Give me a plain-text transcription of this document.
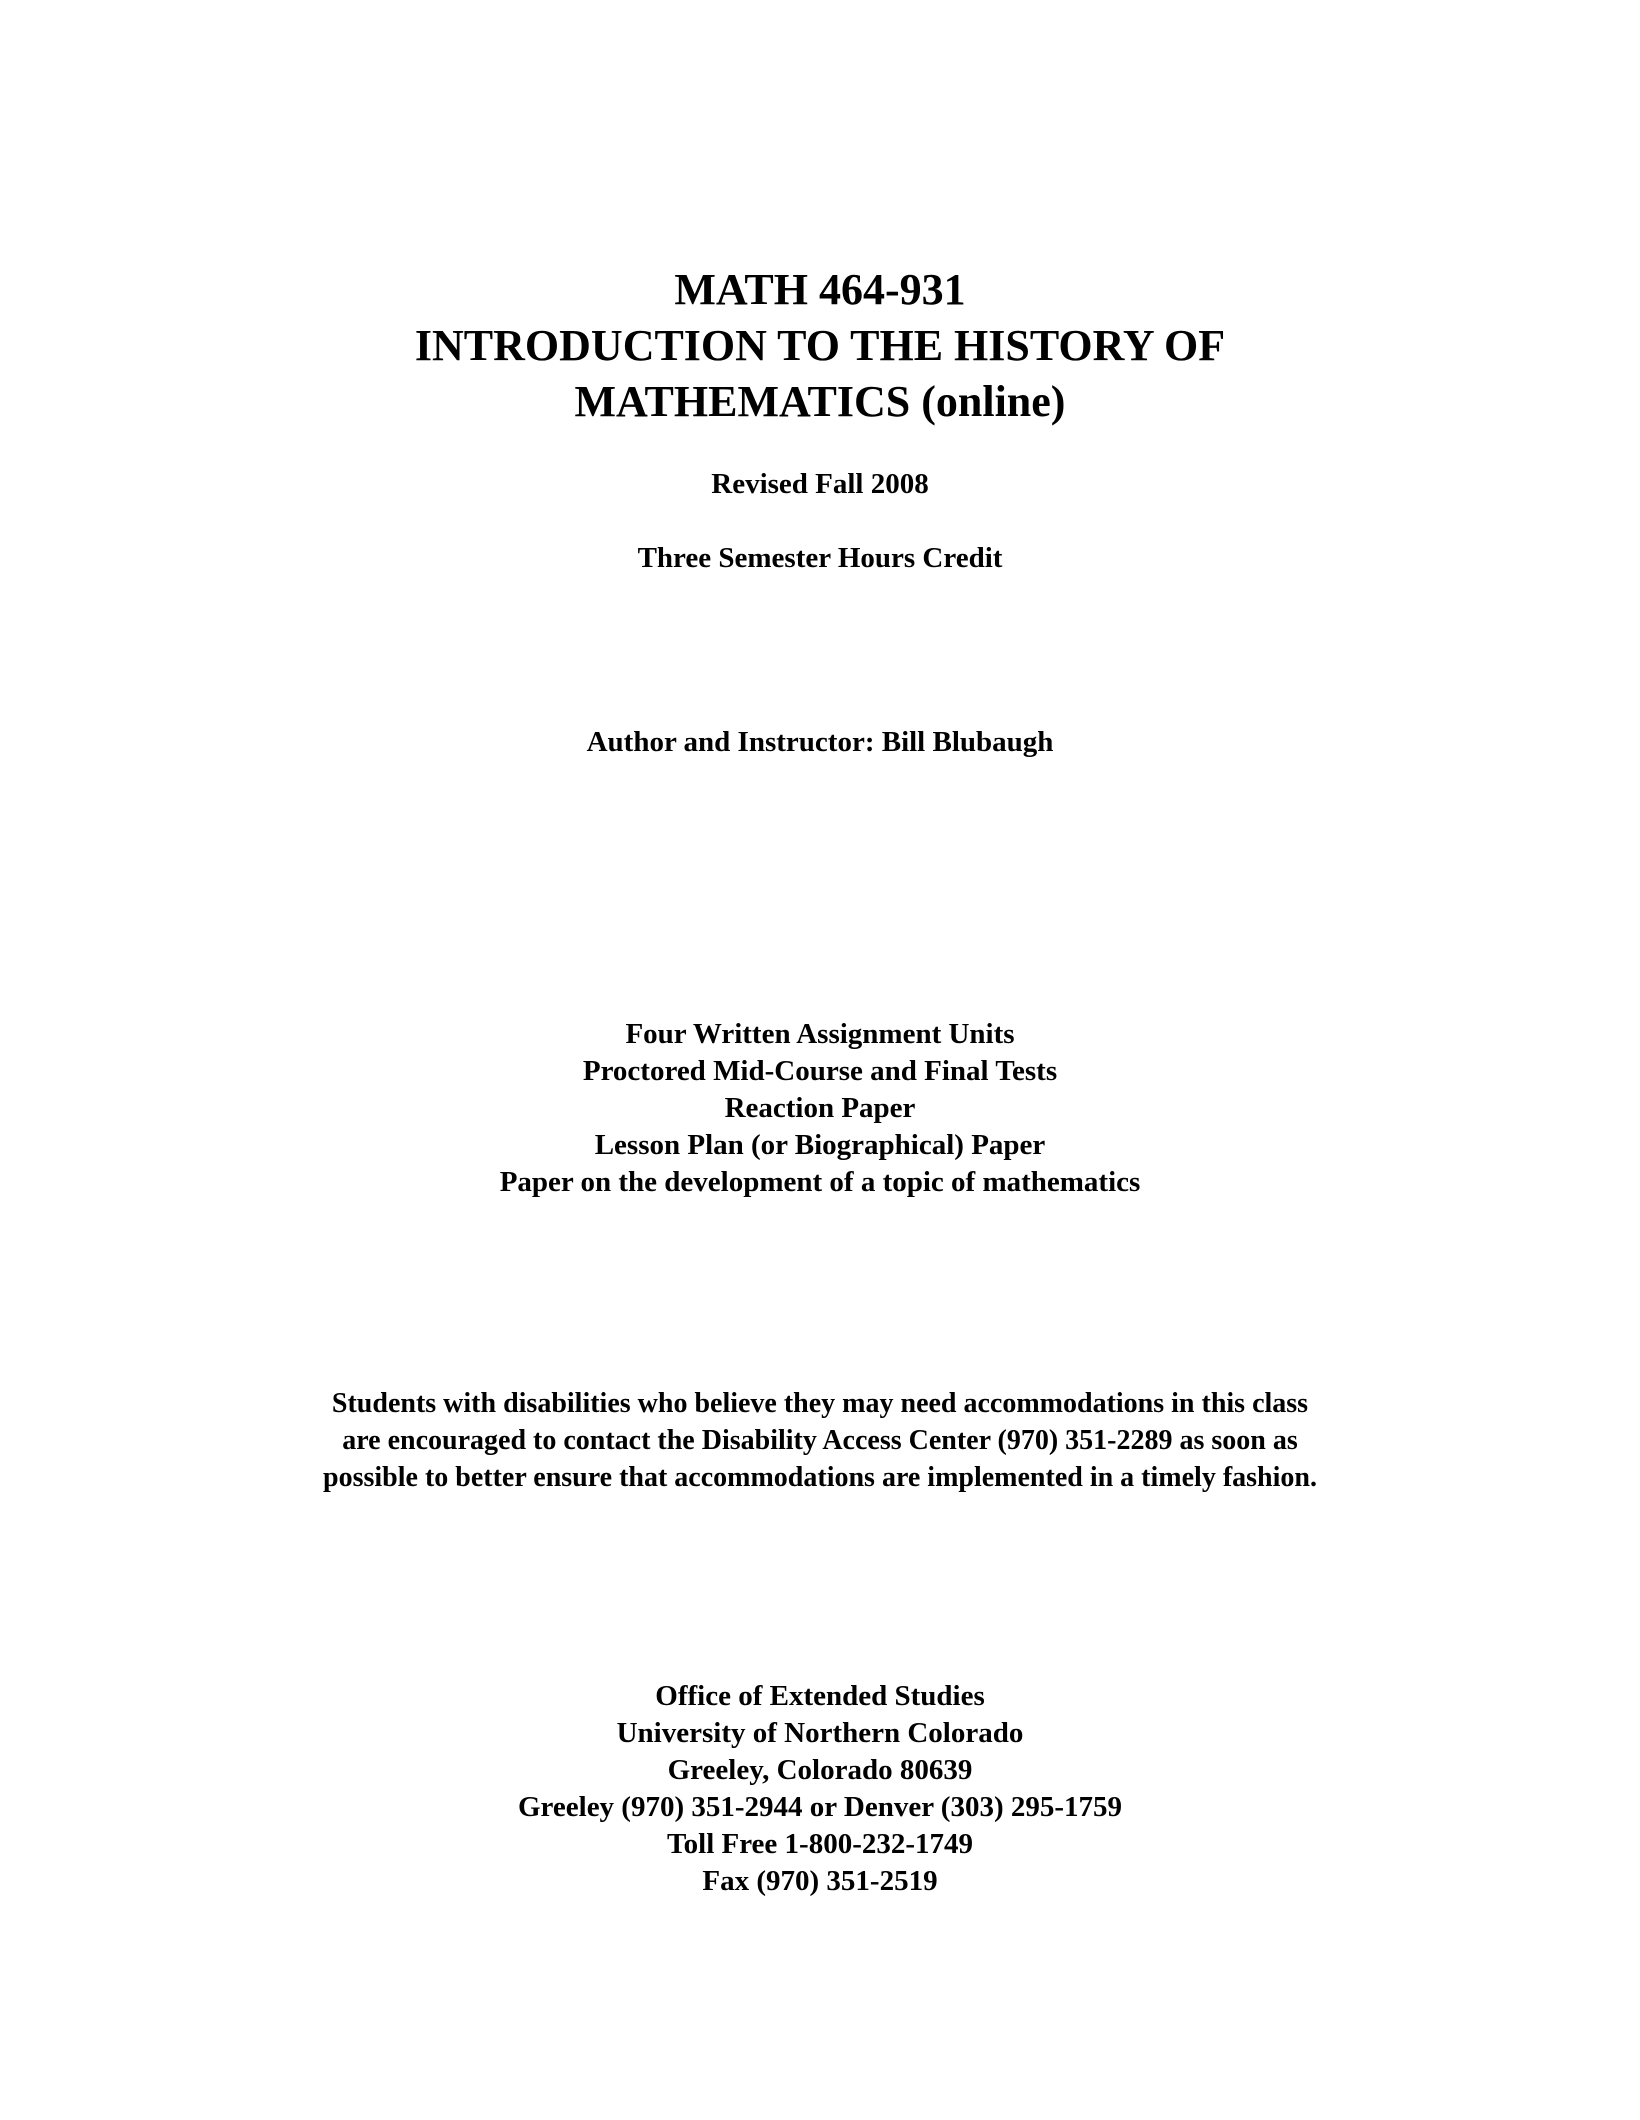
MATH 464-931
INTRODUCTION TO THE HISTORY OF
MATHEMATICS (online)
Revised Fall 2008
Three Semester Hours Credit
Author and Instructor: Bill Blubaugh
Four Written Assignment Units
Proctored Mid-Course and Final Tests
Reaction Paper
Lesson Plan (or Biographical) Paper
Paper on the development of a topic of mathematics
Students with disabilities who believe they may need accommodations in this class
are encouraged to contact the Disability Access Center (970) 351-2289 as soon as
possible to better ensure that accommodations are implemented in a timely fashion.
Office of Extended Studies
University of Northern Colorado
Greeley, Colorado 80639
Greeley (970) 351-2944 or Denver (303) 295-1759
Toll Free 1-800-232-1749
Fax (970) 351-2519
